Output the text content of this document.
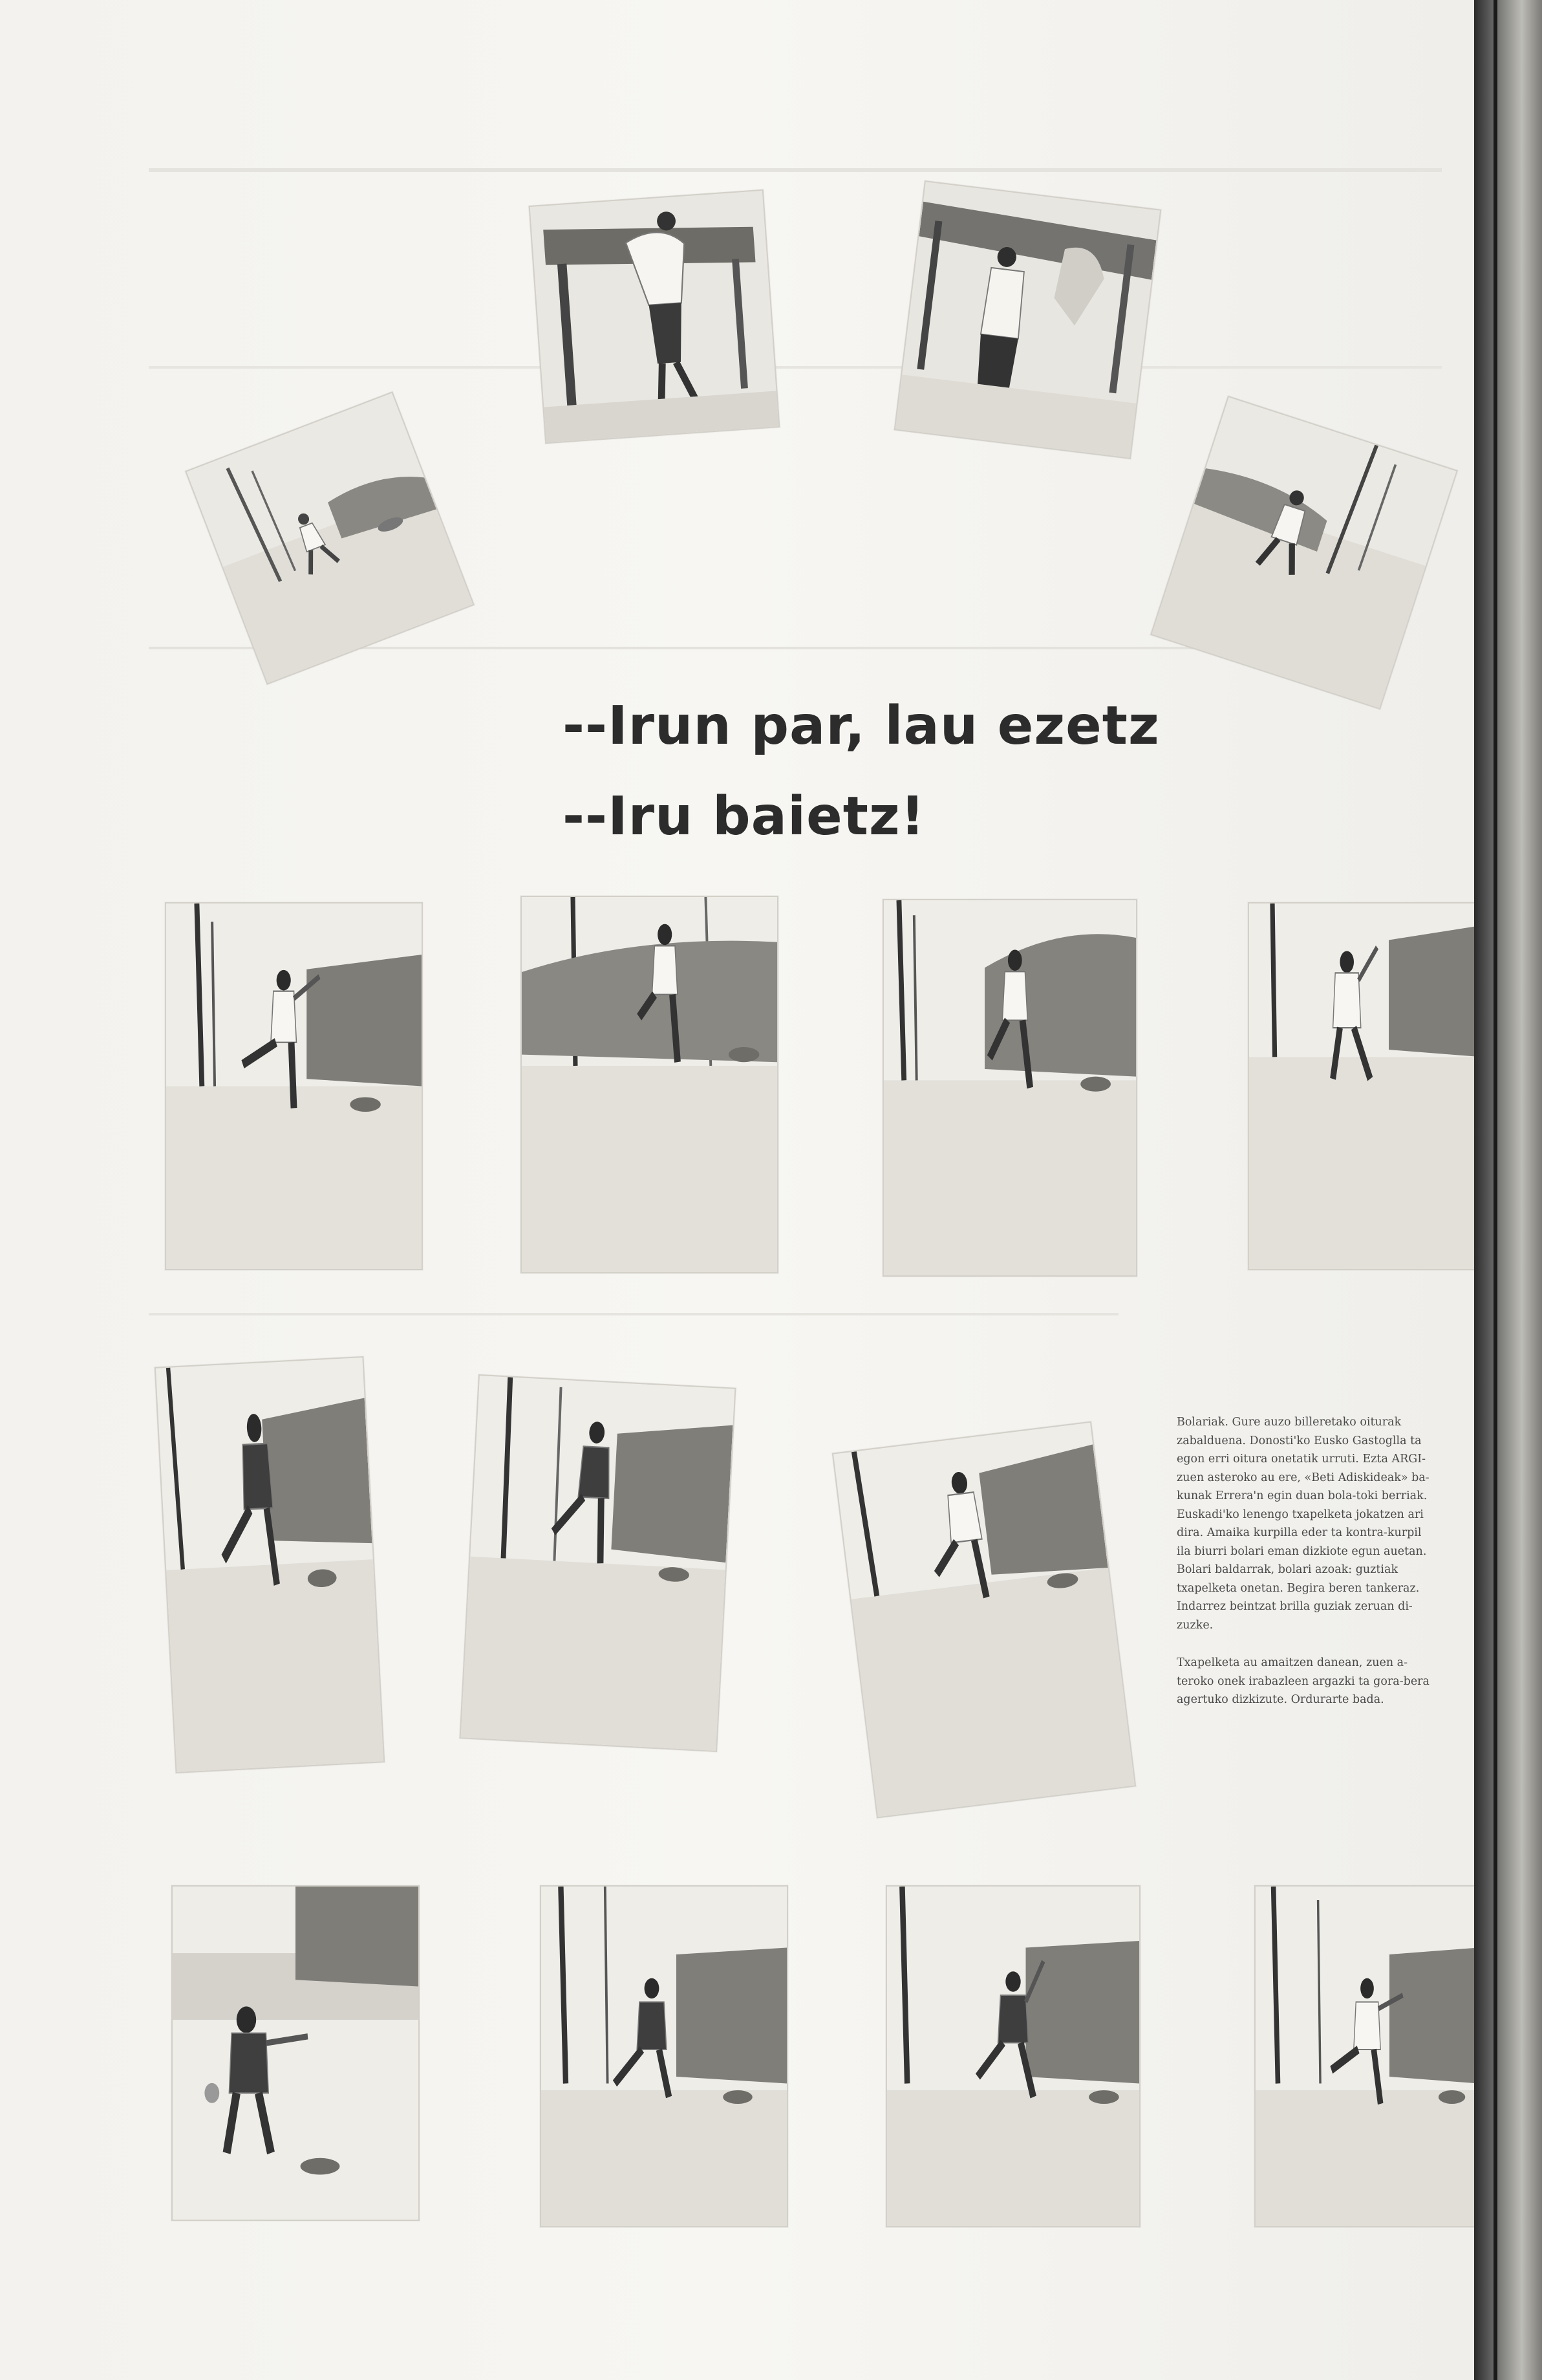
--Irun par, lau ezetz
--Iru baietz!

Bolariak. Gure auzo billeretako oiturak

zabalduena. Donosti'ko Eusko Gastoglla ta

egon erri oitura onetatik urruti. Ezta ARGI-

zuen asteroko au ere, «Beti Adiskideak» ba-

kunak Errera'n egin duan bola-toki berriak.

Euskadi'ko lenengo txapelketa jokatzen ari

dira. Amaika kurpilla eder ta kontra-kurpil

ila biurri bolari eman dizkiote egun auetan.

Bolari baldarrak, bolari azoak: guztiak

txapelketa onetan. Begira beren tankeraz.

Indarrez beintzat brilla guziak zeruan di-

zuzke.

Txapelketa au amaitzen danean, zuen a-

teroko onek irabazleen argazki ta gora-bera

agertuko dizkizute. Ordurarte bada.
